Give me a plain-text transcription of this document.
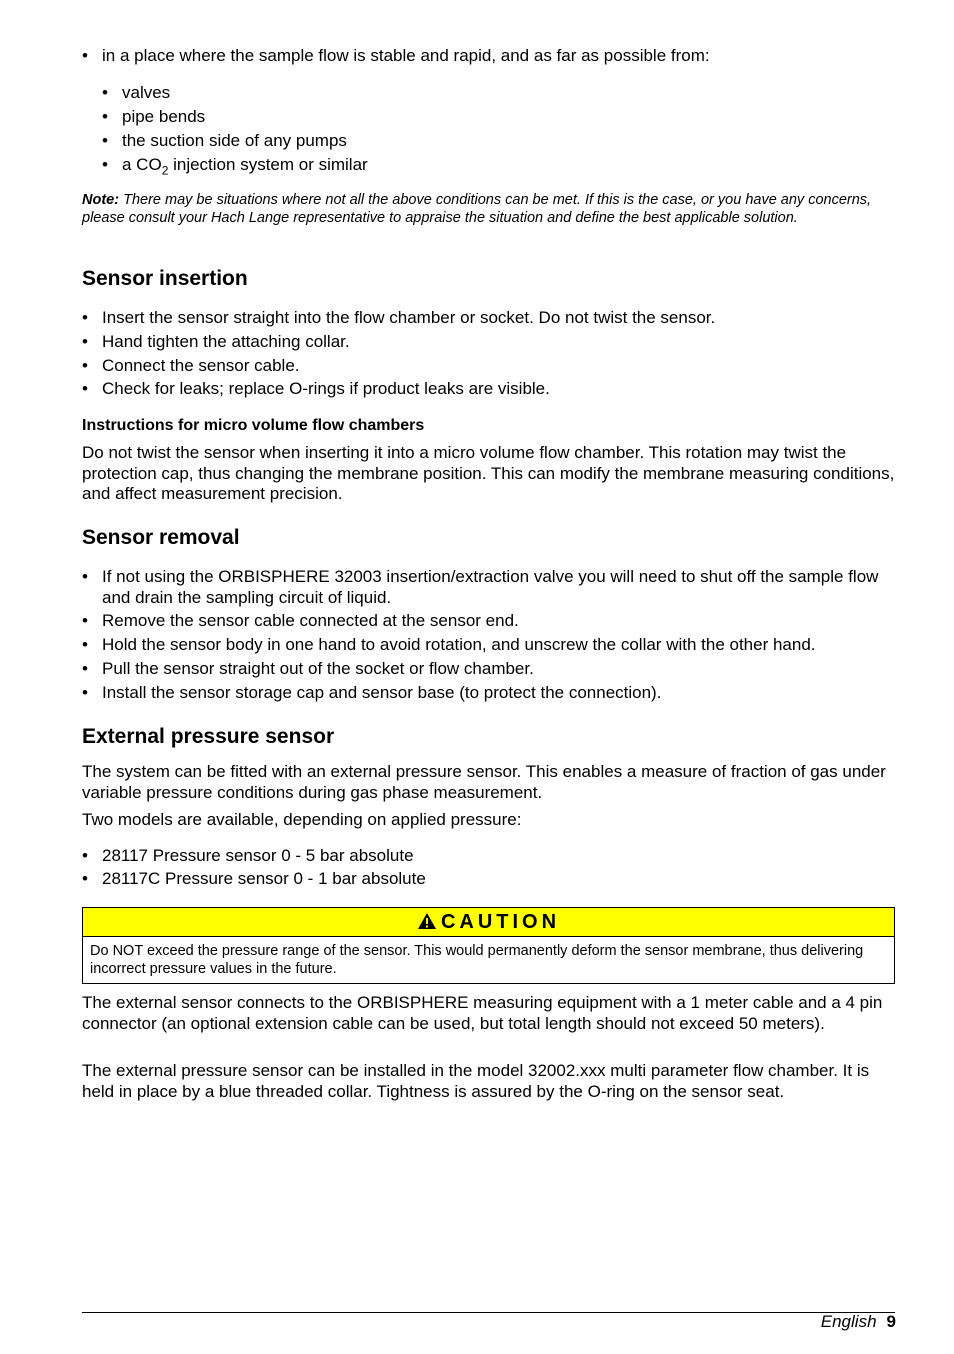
• in a place where the sample flow is stable and rapid, and as far as possible from:
• valves
• pipe bends
• the suction side of any pumps
• a $CO_2$ injection system or similar
Note: There may be situations where not all the above conditions can be met. If this is the case, or you have any concerns, please consult your Hach Lange representative to appraise the situation and define the best applicable solution.
Sensor insertion
• Insert the sensor straight into the flow chamber or socket. Do not twist the sensor.
• Hand tighten the attaching collar.
• Connect the sensor cable.
• Check for leaks; replace O-rings if product leaks are visible.
Instructions for micro volume flow chambers
Do not twist the sensor when inserting it into a micro volume flow chamber. This rotation may twist the protection cap, thus changing the membrane position. This can modify the membrane measuring conditions, and affect measurement precision.
Sensor removal
• If not using the ORBISPHERE 32003 insertion/extraction valve you will need to shut off the sample flow and drain the sampling circuit of liquid.
• Remove the sensor cable connected at the sensor end.
• Hold the sensor body in one hand to avoid rotation, and unscrew the collar with the other hand.
• Pull the sensor straight out of the socket or flow chamber.
• Install the sensor storage cap and sensor base (to protect the connection).
External pressure sensor
The system can be fitted with an external pressure sensor. This enables a measure of fraction of gas under variable pressure conditions during gas phase measurement.
Two models are available, depending on applied pressure:
• 28117 Pressure sensor 0 - 5 bar absolute
• 28117C Pressure sensor 0 - 1 bar absolute
CAUTION
Do NOT exceed the pressure range of the sensor. This would permanently deform the sensor membrane, thus delivering incorrect pressure values in the future.
The external sensor connects to the ORBISPHERE measuring equipment with a 1 meter cable and a 4 pin connector (an optional extension cable can be used, but total length should not exceed 50 meters).
The external pressure sensor can be installed in the model 32002.xxx multi parameter flow chamber. It is held in place by a blue threaded collar. Tightness is assured by the O-ring on the sensor seat.
English 9
